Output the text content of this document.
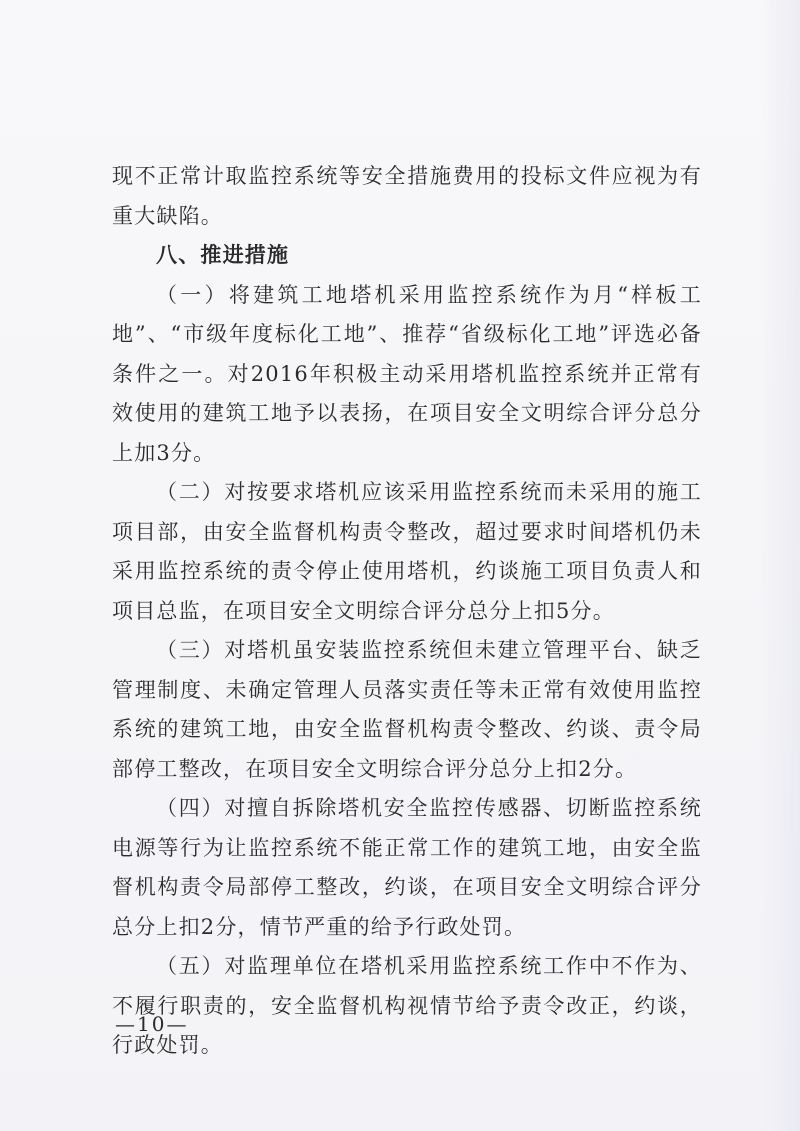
现不正常计取监控系统等安全措施费用的投标文件应视为有重大缺陷。

八、推进措施

（一）将建筑工地塔机采用监控系统作为月“样板工地”、“市级年度标化工地”、推荐“省级标化工地”评选必备条件之一。对2016年积极主动采用塔机监控系统并正常有效使用的建筑工地予以表扬，在项目安全文明综合评分总分上加3分。

（二）对按要求塔机应该采用监控系统而未采用的施工项目部，由安全监督机构责令整改，超过要求时间塔机仍未采用监控系统的责令停止使用塔机，约谈施工项目负责人和项目总监，在项目安全文明综合评分总分上扣5分。

（三）对塔机虽安装监控系统但未建立管理平台、缺乏管理制度、未确定管理人员落实责任等未正常有效使用监控系统的建筑工地，由安全监督机构责令整改、约谈、责令局部停工整改，在项目安全文明综合评分总分上扣2分。

（四）对擅自拆除塔机安全监控传感器、切断监控系统电源等行为让监控系统不能正常工作的建筑工地，由安全监督机构责令局部停工整改，约谈，在项目安全文明综合评分总分上扣2分，情节严重的给予行政处罚。

（五）对监理单位在塔机采用监控系统工作中不作为、不履行职责的，安全监督机构视情节给予责令改正，约谈，行政处罚。

—10—
